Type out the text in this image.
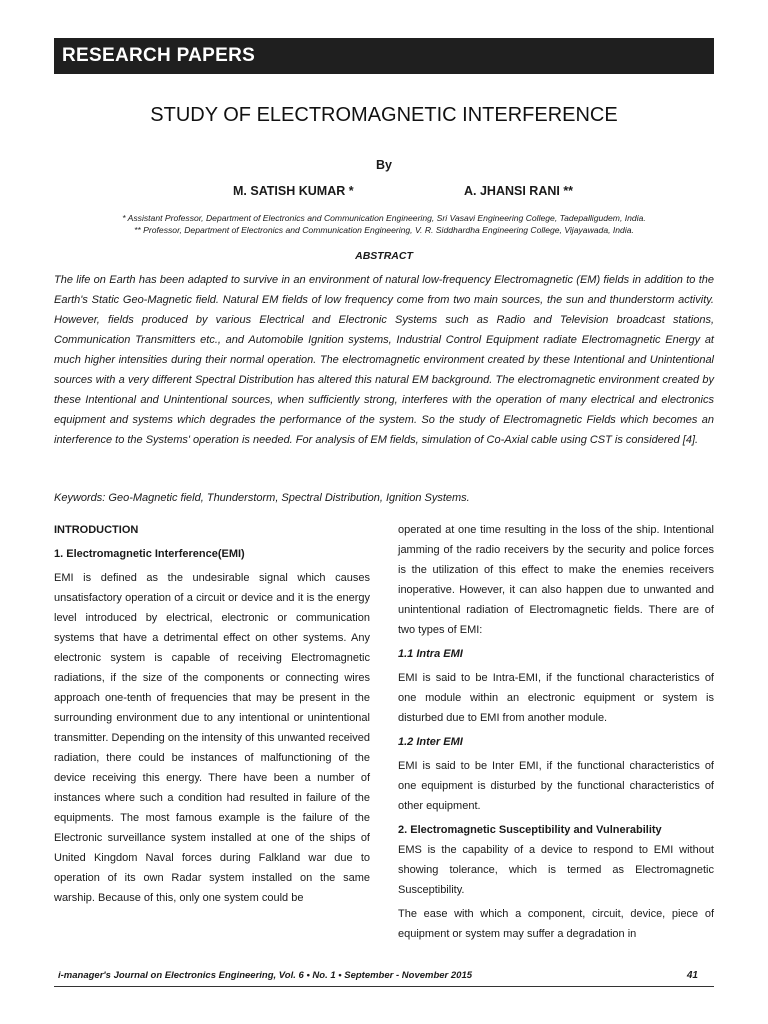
RESEARCH PAPERS
STUDY OF ELECTROMAGNETIC INTERFERENCE
By
M. SATISH KUMAR *	A. JHANSI RANI **
* Assistant Professor, Department of Electronics and Communication Engineering, Sri Vasavi Engineering College, Tadepalligudem, India.
** Professor, Department of Electronics and Communication Engineering, V. R. Siddhardha Engineering College, Vijayawada, India.
ABSTRACT

The life on Earth has been adapted to survive in an environment of natural low-frequency Electromagnetic (EM) fields in addition to the Earth's Static Geo-Magnetic field. Natural EM fields of low frequency come from two main sources, the sun and thunderstorm activity. However, fields produced by various Electrical and Electronic Systems such as Radio and Television broadcast stations, Communication Transmitters etc., and Automobile Ignition systems, Industrial Control Equipment radiate Electromagnetic Energy at much higher intensities during their normal operation. The electromagnetic environment created by these Intentional and Unintentional sources with a very different Spectral Distribution has altered this natural EM background. The electromagnetic environment created by these Intentional and Unintentional sources, when sufficiently strong, interferes with the operation of many electrical and electronics equipment and systems which degrades the performance of the system. So the study of Electromagnetic Fields which becomes an interference to the Systems' operation is needed. For analysis of EM fields, simulation of Co-Axial cable using CST is considered [4].

Keywords: Geo-Magnetic field, Thunderstorm, Spectral Distribution, Ignition Systems.

INTRODUCTION

1. Electromagnetic Interference(EMI)

EMI is defined as the undesirable signal which causes unsatisfactory operation of a circuit or device and it is the energy level introduced by electrical, electronic or communication systems that have a detrimental effect on other systems. Any electronic system is capable of receiving Electromagnetic radiations, if the size of the components or connecting wires approach one-tenth of frequencies that may be present in the surrounding environment due to any intentional or unintentional transmitter. Depending on the intensity of this unwanted received radiation, there could be instances of malfunctioning of the device receiving this energy. There have been a number of instances where such a condition had resulted in failure of the equipments. The most famous example is the failure of the Electronic surveillance system installed at one of the ships of United Kingdom Naval forces during Falkland war due to operation of its own Radar system installed on the same warship. Because of this, only one system could be

operated at one time resulting in the loss of the ship. Intentional jamming of the radio receivers by the security and police forces is the utilization of this effect to make the enemies receivers inoperative. However, it can also happen due to unwanted and unintentional radiation of Electromagnetic fields. There are of two types of EMI:

1.1 Intra EMI

EMI is said to be Intra-EMI, if the functional characteristics of one module within an electronic equipment or system is disturbed due to EMI from another module.

1.2 Inter EMI

EMI is said to be Inter EMI, if the functional characteristics of one equipment is disturbed by the functional characteristics of other equipment.

2. Electromagnetic Susceptibility and Vulnerability

EMS is the capability of a device to respond to EMI without showing tolerance, which is termed as Electromagnetic Susceptibility.

The ease with which a component, circuit, device, piece of equipment or system may suffer a degradation in

i-manager's Journal on Electronics Engineering, Vol. 6 • No. 1 • September - November 2015	41
